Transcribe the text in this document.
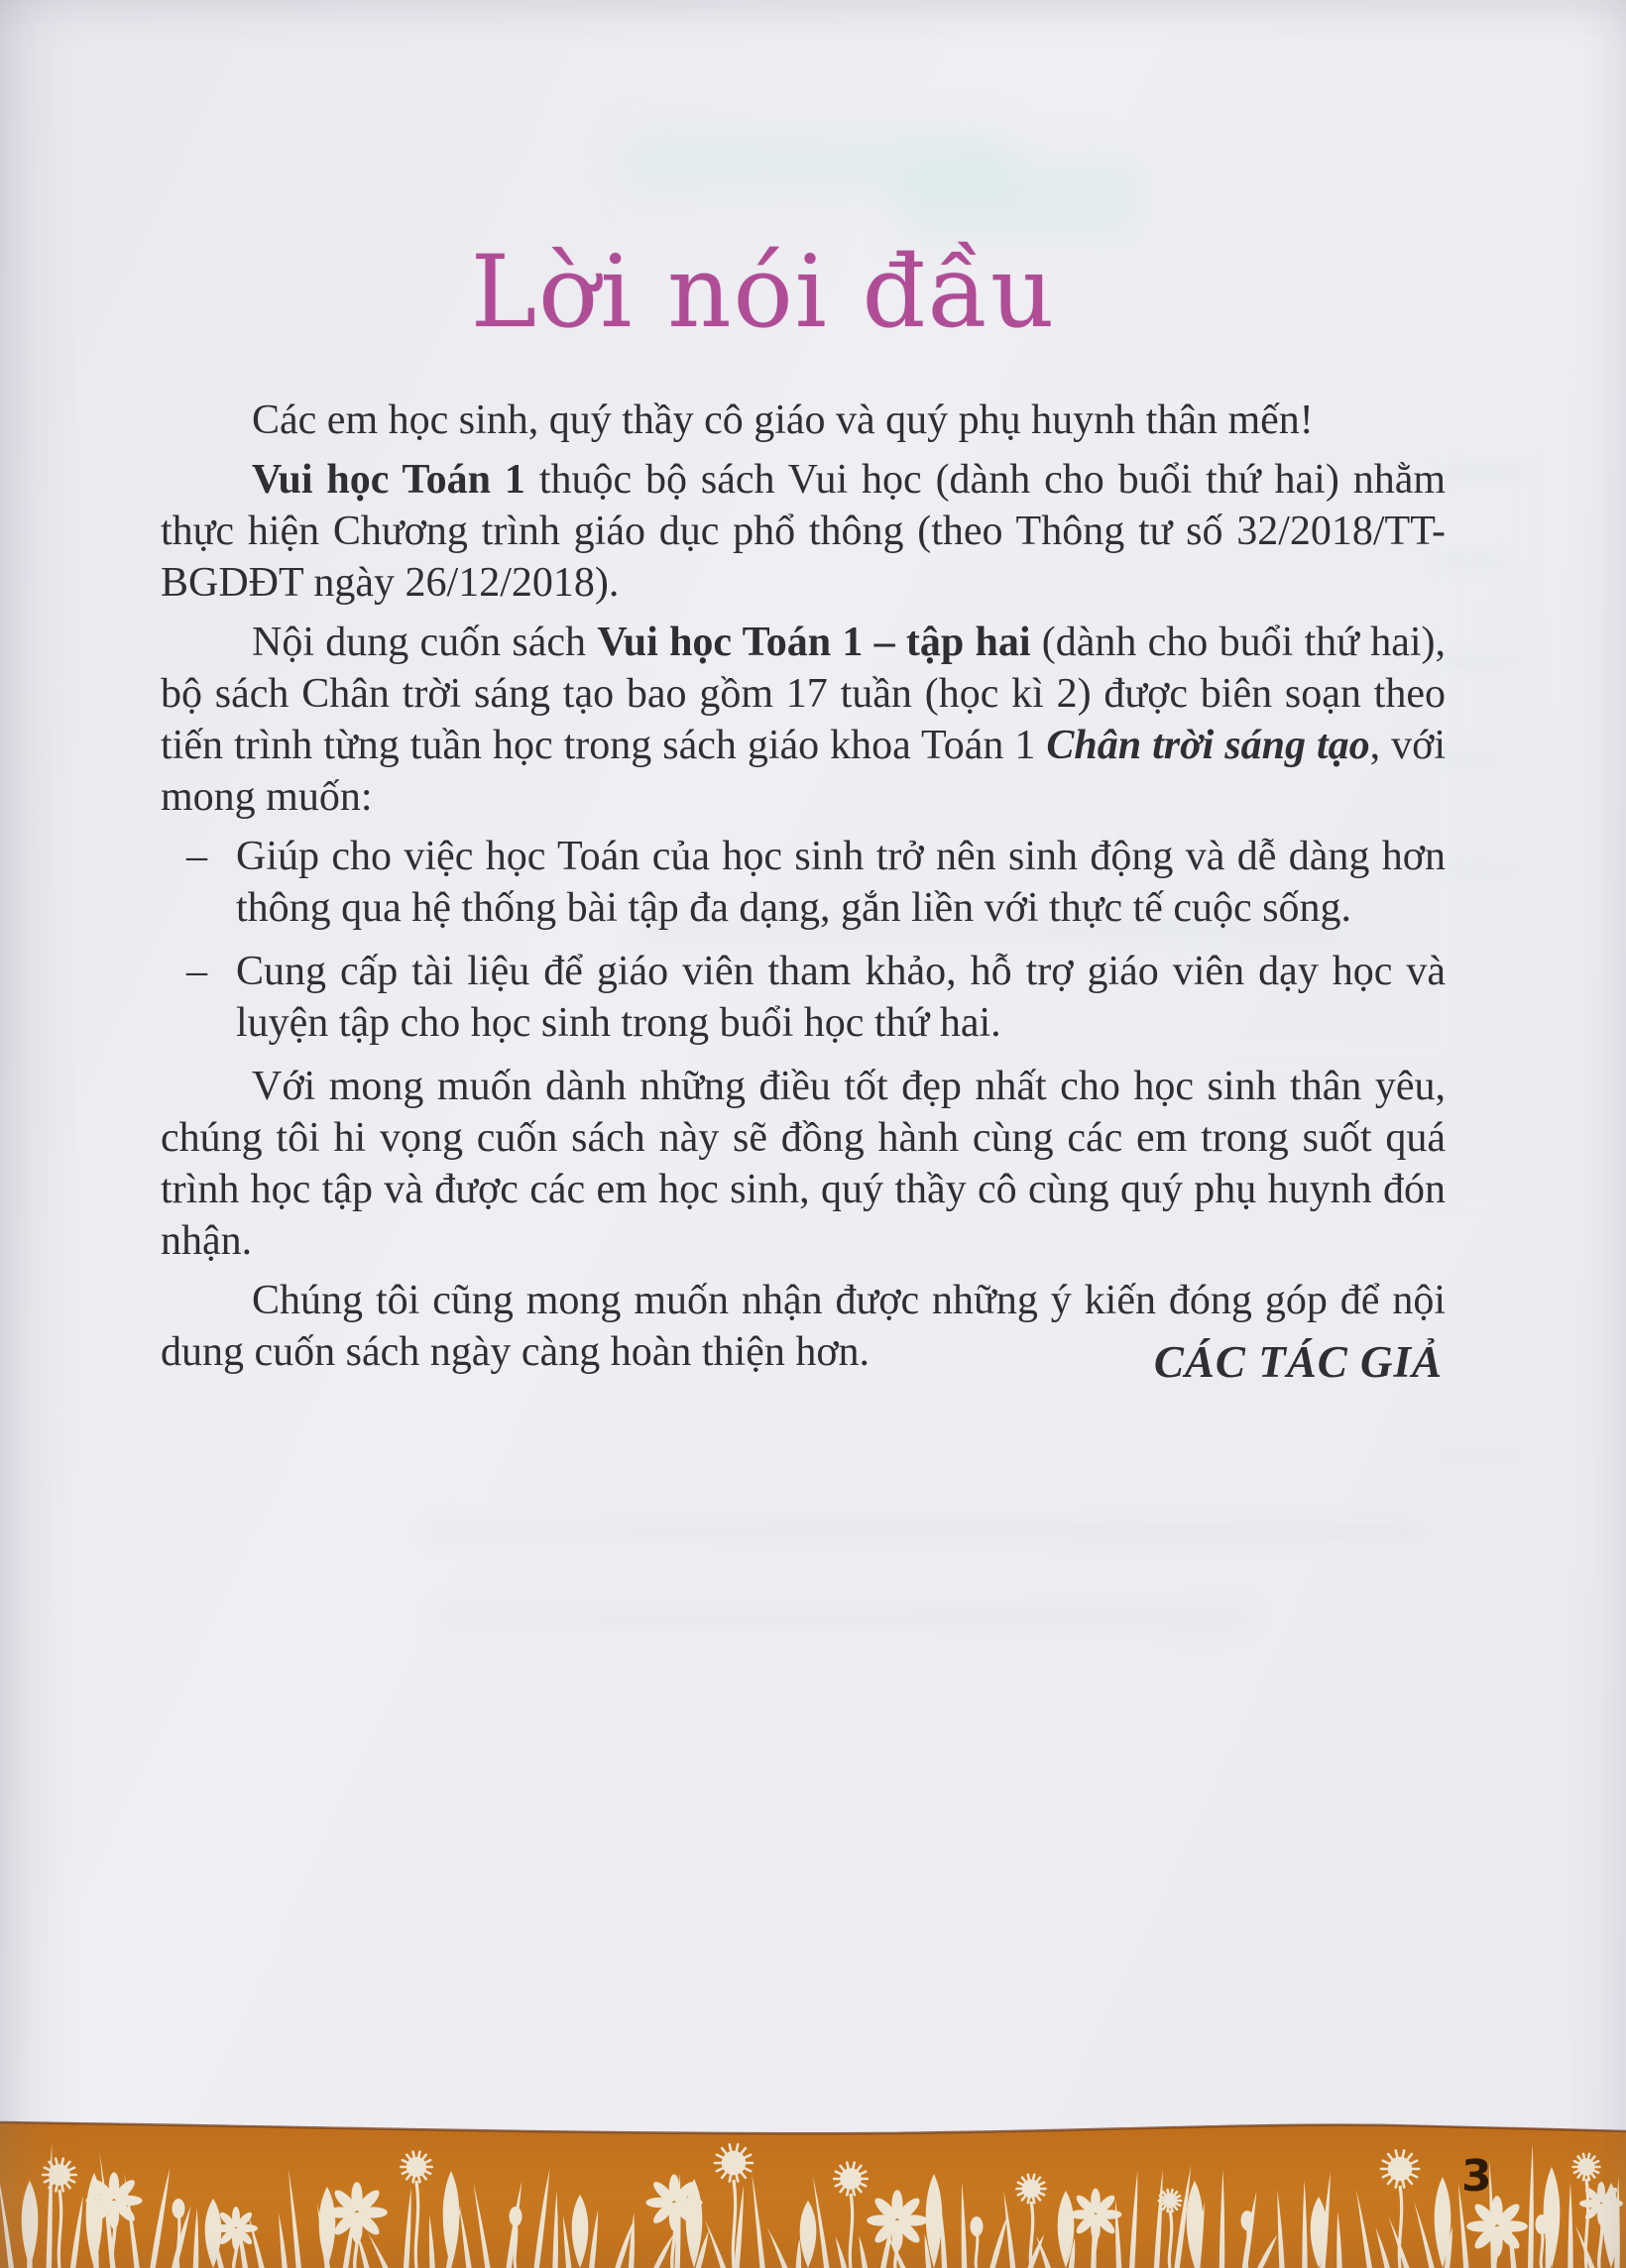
Lời nói đầu

Các em học sinh, quý thầy cô giáo và quý phụ huynh thân mến!

Vui học Toán 1 thuộc bộ sách Vui học (dành cho buổi thứ hai) nhằm thực hiện Chương trình giáo dục phổ thông (theo Thông tư số 32/2018/TT-BGDĐT ngày 26/12/2018).

Nội dung cuốn sách Vui học Toán 1 – tập hai (dành cho buổi thứ hai), bộ sách Chân trời sáng tạo bao gồm 17 tuần (học kì 2) được biên soạn theo tiến trình từng tuần học trong sách giáo khoa Toán 1 Chân trời sáng tạo, với mong muốn:

– Giúp cho việc học Toán của học sinh trở nên sinh động và dễ dàng hơn thông qua hệ thống bài tập đa dạng, gắn liền với thực tế cuộc sống.

– Cung cấp tài liệu để giáo viên tham khảo, hỗ trợ giáo viên dạy học và luyện tập cho học sinh trong buổi học thứ hai.

Với mong muốn dành những điều tốt đẹp nhất cho học sinh thân yêu, chúng tôi hi vọng cuốn sách này sẽ đồng hành cùng các em trong suốt quá trình học tập và được các em học sinh, quý thầy cô cùng quý phụ huynh đón nhận.

Chúng tôi cũng mong muốn nhận được những ý kiến đóng góp để nội dung cuốn sách ngày càng hoàn thiện hơn.	CÁC TÁC GIẢ
3
